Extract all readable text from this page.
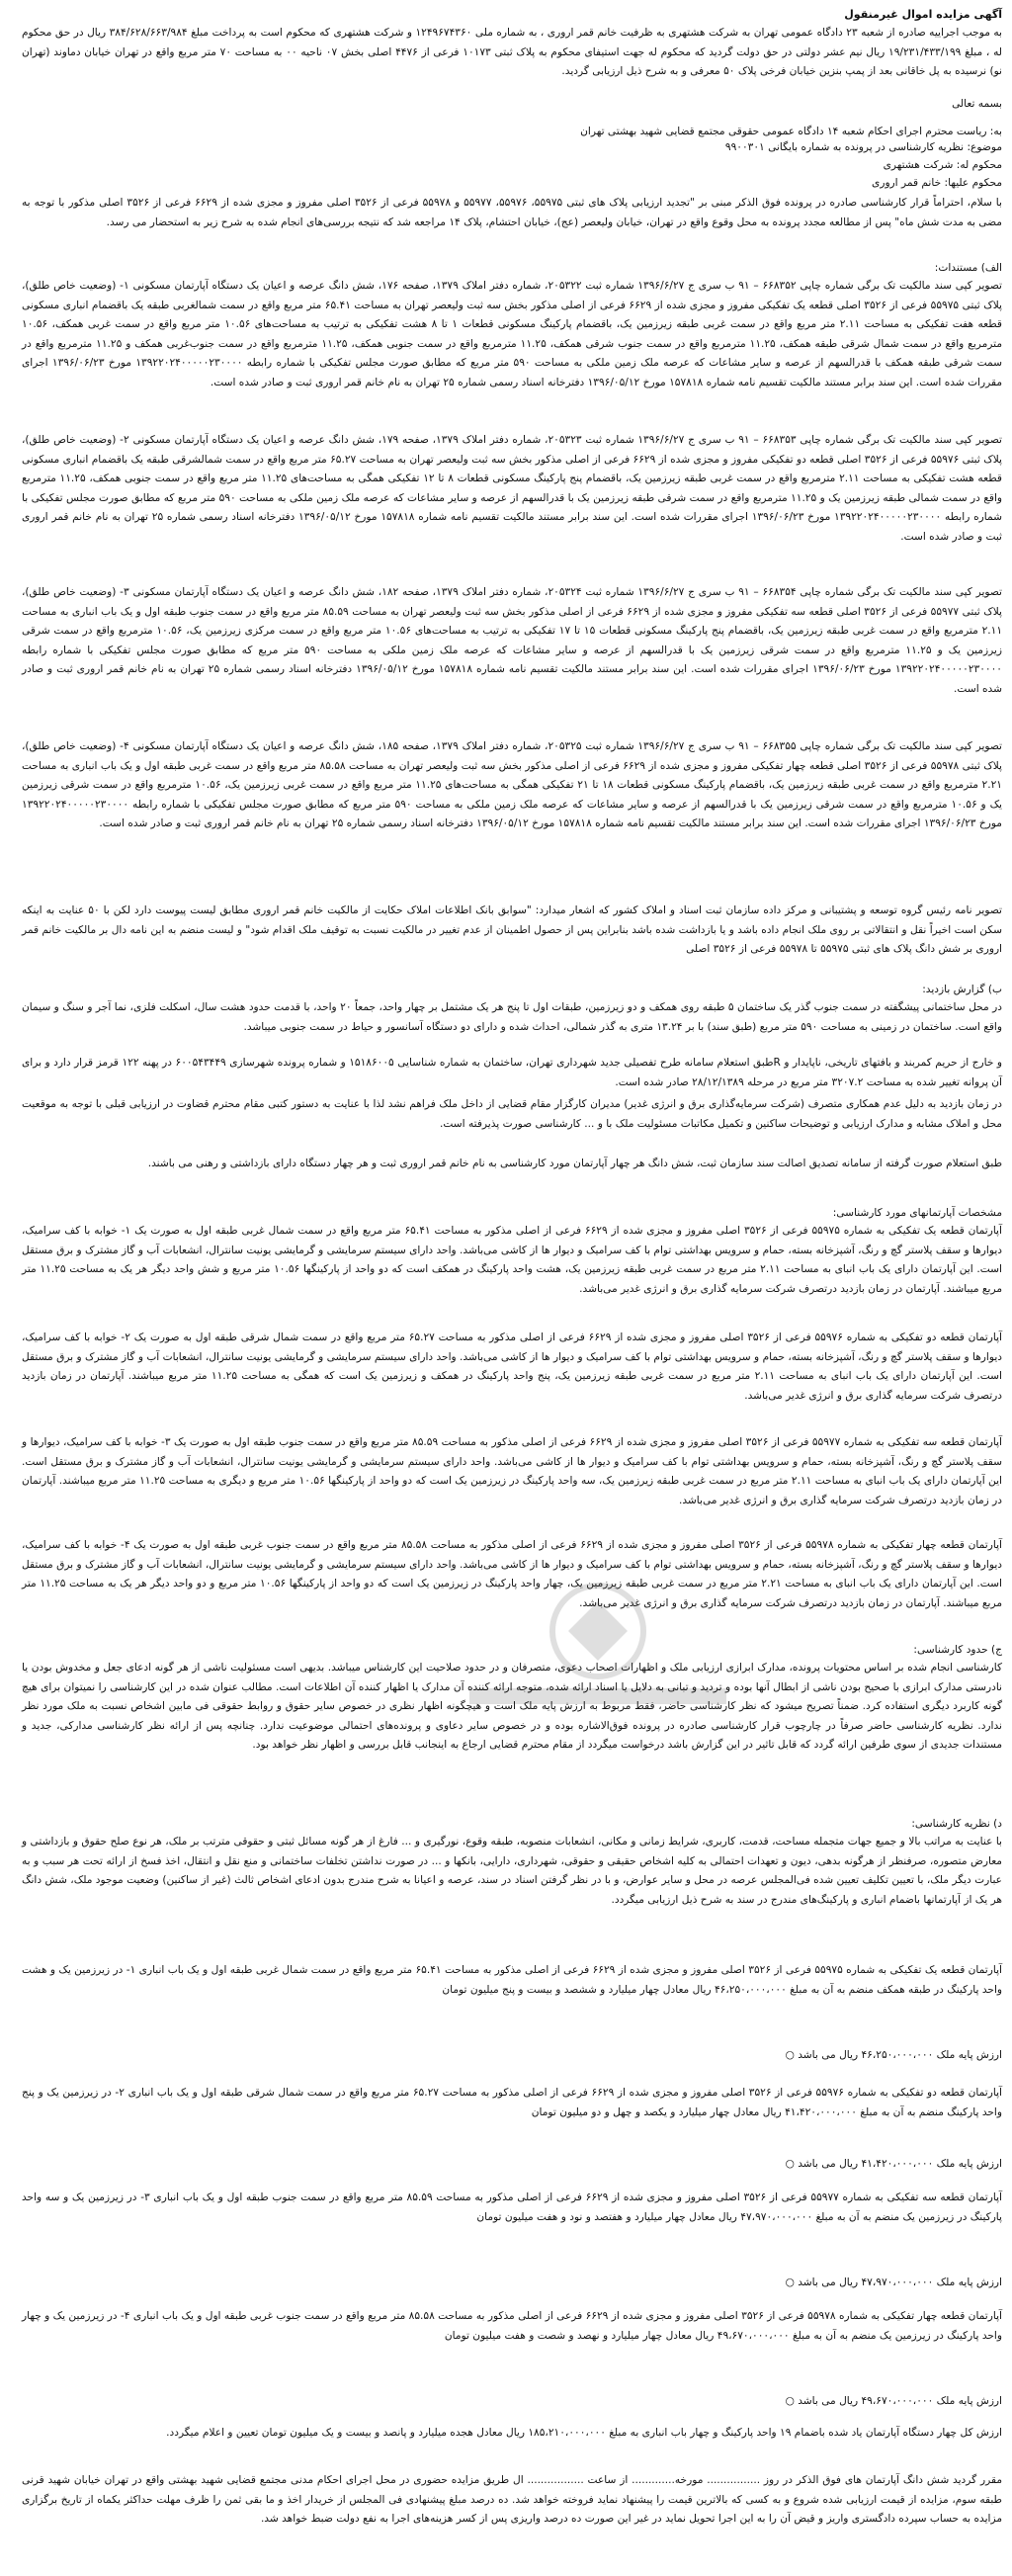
آگهی مزایده اموال غیرمنقول
به موجب اجراییه صادره از شعبه ۲۳ دادگاه عمومی تهران به شرکت هشتهری به ظرفیت خانم قمر اروری ، به شماره ملی ۱۲۴۹۶۷۴۳۶۰ و شرکت هشتهری که محکوم است به پرداخت مبلغ ۳۸۴/۶۲۸/۶۶۳/۹۸۴ ریال در حق محکوم له ، مبلغ ۱۹/۲۳۱/۴۳۳/۱۹۹ ریال نیم عشر دولتی در حق دولت گردید که محکوم له جهت استیفای محکوم به پلاک ثبتی ۱۰۱۷۳ فرعی از ۴۴۷۶ اصلی بخش ۰۷ ناحیه ۰۰ به مساحت ۷۰ متر مربع واقع در تهران خیابان دماوند (تهران نو) نرسیده به پل خاقانی بعد از پمپ بنزین خیابان فرخی پلاک ۵۰ معرفی و به شرح ذیل ارزیابی گردید.
بسمه تعالی
به: ریاست محترم اجرای احکام شعبه ۱۴ دادگاه عمومی حقوقی مجتمع قضایی شهید بهشتی تهران
موضوع: نظریه کارشناسی در پرونده به شماره بایگانی ۹۹۰۰۳۰۱
محکوم له: شرکت هشتهری
محکوم علیها: خانم قمر اروری
با سلام، احتراماً قرار کارشناسی صادره در پرونده فوق الذکر مبنی بر "تجدید ارزیابی پلاک های ثبتی ۵۵۹۷۵، ۵۵۹۷۶، ۵۵۹۷۷ و ۵۵۹۷۸ فرعی از ۳۵۲۶ اصلی مفروز و مجزی شده از ۶۶۲۹ فرعی از ۳۵۲۶ اصلی مذکور با توجه به مضی به مدت شش ماه" پس از مطالعه مجدد پرونده به محل وقوع واقع در تهران، خیابان ولیعصر (عج)، خیابان احتشام، پلاک ۱۴ مراجعه شد که نتیجه بررسی‌های انجام شده به شرح زیر به استحضار می رسد.
الف) مستندات:
تصویر کپی سند مالکیت تک برگی شماره چاپی ۶۶۸۳۵۲ – ۹۱ ب سری ج ۱۳۹۶/۶/۲۷ شماره ثبت ۲۰۵۳۲۲، شماره دفتر املاک ۱۳۷۹، صفحه ۱۷۶، شش دانگ عرصه و اعیان یک دستگاه آپارتمان مسکونی ۱- (وضعیت خاص طلق)، پلاک ثبتی ۵۵۹۷۵ فرعی از ۳۵۲۶ اصلی قطعه یک تفکیکی مفروز و مجزی شده از ۶۶۲۹ فرعی از اصلی مذکور بخش سه ثبت ولیعصر تهران به مساحت ۶۵.۴۱ متر مربع واقع در سمت شمالغربی طبقه یک باقضمام انباری مسکونی قطعه هفت تفکیکی به مساحت ۲.۱۱ متر مربع واقع در سمت غربی طبقه زیرزمین یک، باقضمام پارکینگ مسکونی قطعات ۱ تا ۸ هشت تفکیکی به ترتیب به مساحت‌های ۱۰.۵۶ متر مربع واقع در سمت غربی همکف، ۱۰.۵۶ مترمربع واقع در سمت شمال شرقی طبقه همکف، ۱۱.۲۵ مترمربع واقع در سمت جنوب شرقی همکف، ۱۱.۲۵ مترمربع واقع در سمت جنوبی همکف، ۱۱.۲۵ مترمربع واقع در سمت جنوب‌غربی همکف و ۱۱.۲۵ مترمربع واقع در سمت شرقی طبقه همکف با قدرالسهم از عرصه و سایر مشاعات که عرصه ملک زمین ملکی به مساحت ۵۹۰ متر مربع که مطابق صورت مجلس تفکیکی با شماره رابطه ۱۳۹۲۲۰۲۴۰۰۰۰۰۲۳۰۰۰۰ مورخ ۱۳۹۶/۰۶/۲۳ اجرای مقررات شده است. این سند برابر مستند مالکیت تقسیم نامه شماره ۱۵۷۸۱۸ مورخ ۱۳۹۶/۰۵/۱۲ دفترخانه اسناد رسمی شماره ۲۵ تهران به نام خانم قمر اروری ثبت و صادر شده است.
تصویر کپی سند مالکیت تک برگی شماره چاپی ۶۶۸۳۵۳ – ۹۱ ب سری ج ۱۳۹۶/۶/۲۷ شماره ثبت ۲۰۵۳۲۳، شماره دفتر املاک ۱۳۷۹، صفحه ۱۷۹، شش دانگ عرصه و اعیان یک دستگاه آپارتمان مسکونی ۲- (وضعیت خاص طلق)، پلاک ثبتی ۵۵۹۷۶ فرعی از ۳۵۲۶ اصلی قطعه دو تفکیکی مفروز و مجزی شده از ۶۶۲۹ فرعی از اصلی مذکور بخش سه ثبت ولیعصر تهران به مساحت ۶۵.۲۷ متر مربع واقع در سمت شمالشرقی طبقه یک باقضمام انباری مسکونی قطعه هشت تفکیکی به مساحت ۲.۱۱ مترمربع واقع در سمت غربی طبقه زیرزمین یک، باقضمام پنج پارکینگ مسکونی قطعات ۸ تا ۱۲ تفکیکی همگی به مساحت‌های ۱۱.۲۵ متر مربع واقع در سمت جنوبی همکف، ۱۱.۲۵ مترمربع واقع در سمت شمالی طبقه زیرزمین یک و ۱۱.۲۵ مترمربع واقع در سمت شرقی طبقه زیرزمین یک با قدرالسهم از عرصه و سایر مشاعات که عرصه ملک زمین ملکی به مساحت ۵۹۰ متر مربع که مطابق صورت مجلس تفکیکی با شماره رابطه ۱۳۹۲۲۰۲۴۰۰۰۰۰۲۳۰۰۰۰ مورخ ۱۳۹۶/۰۶/۲۳ اجرای مقررات شده است. این سند برابر مستند مالکیت تقسیم نامه شماره ۱۵۷۸۱۸ مورخ ۱۳۹۶/۰۵/۱۲ دفترخانه اسناد رسمی شماره ۲۵ تهران به نام خانم قمر اروری ثبت و صادر شده است.
تصویر کپی سند مالکیت تک برگی شماره چاپی ۶۶۸۳۵۴ – ۹۱ ب سری ج ۱۳۹۶/۶/۲۷ شماره ثبت ۲۰۵۳۲۴، شماره دفتر املاک ۱۳۷۹، صفحه ۱۸۲، شش دانگ عرصه و اعیان یک دستگاه آپارتمان مسکونی ۳- (وضعیت خاص طلق)، پلاک ثبتی ۵۵۹۷۷ فرعی از ۳۵۲۶ اصلی قطعه سه تفکیکی مفروز و مجزی شده از ۶۶۲۹ فرعی از اصلی مذکور بخش سه ثبت ولیعصر تهران به مساحت ۸۵.۵۹ متر مربع واقع در سمت جنوب طبقه اول و یک باب انباری به مساحت ۲.۱۱ مترمربع واقع در سمت غربی طبقه زیرزمین یک، باقضمام پنج پارکینگ مسکونی قطعات ۱۵ تا ۱۷ تفکیکی به ترتیب به مساحت‌های ۱۰.۵۶ متر مربع واقع در سمت مرکزی زیرزمین یک، ۱۰.۵۶ مترمربع واقع در سمت شرقی زیرزمین یک و ۱۱.۲۵ مترمربع واقع در سمت شرقی زیرزمین یک با قدرالسهم از عرصه و سایر مشاعات که عرصه ملک زمین ملکی به مساحت ۵۹۰ متر مربع که مطابق صورت مجلس تفکیکی با شماره رابطه ۱۳۹۲۲۰۲۴۰۰۰۰۰۲۳۰۰۰۰ مورخ ۱۳۹۶/۰۶/۲۳ اجرای مقررات شده است. این سند برابر مستند مالکیت تقسیم نامه شماره ۱۵۷۸۱۸ مورخ ۱۳۹۶/۰۵/۱۲ دفترخانه اسناد رسمی شماره ۲۵ تهران به نام خانم قمر اروری ثبت و صادر شده است.
تصویر کپی سند مالکیت تک برگی شماره چاپی ۶۶۸۳۵۵ – ۹۱ ب سری ج ۱۳۹۶/۶/۲۷ شماره ثبت ۲۰۵۳۲۵، شماره دفتر املاک ۱۳۷۹، صفحه ۱۸۵، شش دانگ عرصه و اعیان یک دستگاه آپارتمان مسکونی ۴- (وضعیت خاص طلق)، پلاک ثبتی ۵۵۹۷۸ فرعی از ۳۵۲۶ اصلی قطعه چهار تفکیکی مفروز و مجزی شده از ۶۶۲۹ فرعی از اصلی مذکور بخش سه ثبت ولیعصر تهران به مساحت ۸۵.۵۸ متر مربع واقع در سمت غربی طبقه اول و یک باب انباری به مساحت ۲.۲۱ مترمربع واقع در سمت غربی طبقه زیرزمین یک، باقضمام پارکینگ مسکونی قطعات ۱۸ تا ۲۱ تفکیکی همگی به مساحت‌های ۱۱.۲۵ متر مربع واقع در سمت غربی زیرزمین یک، ۱۰.۵۶ مترمربع واقع در سمت شرقی زیرزمین یک و ۱۰.۵۶ مترمربع واقع در سمت شرقی زیرزمین یک با قدرالسهم از عرصه و سایر مشاعات که عرصه ملک زمین ملکی به مساحت ۵۹۰ متر مربع که مطابق صورت مجلس تفکیکی با شماره رابطه ۱۳۹۲۲۰۲۴۰۰۰۰۰۲۳۰۰۰۰ مورخ ۱۳۹۶/۰۶/۲۳ اجرای مقررات شده است. این سند برابر مستند مالکیت تقسیم نامه شماره ۱۵۷۸۱۸ مورخ ۱۳۹۶/۰۵/۱۲ دفترخانه اسناد رسمی شماره ۲۵ تهران به نام خانم قمر اروری ثبت و صادر شده است.
تصویر نامه رئیس گروه توسعه و پشتیبانی و مرکز داده سازمان ثبت اسناد و املاک کشور که اشعار میدارد: "سوابق بانک اطلاعات املاک حکایت از مالکیت خانم قمر اروری مطابق لیست پیوست دارد لکن با ۵۰ عنایت به اینکه سکن است اخیراً نقل و انتقالاتی بر روی ملک انجام داده باشد و یا بازداشت شده باشد بنابراین پس از حصول اطمینان از عدم تغییر در مالکیت نسبت به توقیف ملک اقدام شود" و لیست منضم به این نامه دال بر مالکیت خانم قمر اروری بر شش دانگ پلاک های ثبتی ۵۵۹۷۵ تا ۵۵۹۷۸ فرعی از ۳۵۲۶ اصلی
ب) گزارش بازدید:
در محل ساختمانی پیشگفته در سمت جنوب گذر یک ساختمان ۵ طبقه روی همکف و دو زیرزمین، طبقات اول تا پنج هر یک مشتمل بر چهار واحد، جمعاً ۲۰ واحد، با قدمت حدود هشت سال، اسکلت فلزی، نما آجر و سنگ و سیمان واقع است. ساختمان در زمینی به مساحت ۵۹۰ متر مربع (طبق سند) با بر ۱۳.۲۴ متری به گذر شمالی، احداث شده و دارای دو دستگاه آسانسور و حیاط در سمت جنوبی میباشد.
و خارج از حریم کمربند و بافتهای تاریخی، ناپایدار و Rطبق استعلام سامانه طرح تفصیلی جدید شهرداری تهران، ساختمان به شماره شناسایی ۱۵۱۸۶۰۰۵ و شماره پرونده شهرسازی ۶۰۰۵۴۳۴۴۹ در پهنه ۱۲۲ قرمز قرار دارد و برای آن پروانه تغییر شده به مساحت ۳۲۰۷.۲ متر مربع در مرحله ۲۸/۱۲/۱۳۸۹ صادر شده است.
در زمان بازدید به دلیل عدم همکاری متصرف (شرکت سرمایه‌گذاری برق و انرژی غدیر) مدیران کارگزار مقام قضایی از داخل ملک فراهم نشد لذا با عنایت به دستور کتبی مقام محترم قضاوت در ارزیابی قبلی با توجه به موقعیت محل و املاک مشابه و مدارک ارزیابی و توضیحات ساکنین و تکمیل مکاتبات مسئولیت ملک با و ... کارشناسی صورت پذیرفته است.
طبق استعلام صورت گرفته از سامانه تصدیق اصالت سند سازمان ثبت، شش دانگ هر چهار آپارتمان مورد کارشناسی به نام خانم قمر اروری ثبت و هر چهار دستگاه دارای بازداشتی و رهنی می باشند.
مشخصات آپارتمانهای مورد کارشناسی:
آپارتمان قطعه یک تفکیکی به شماره ۵۵۹۷۵ فرعی از ۳۵۲۶ اصلی مفروز و مجزی شده از ۶۶۲۹ فرعی از اصلی مذکور به مساحت ۶۵.۴۱ متر مربع واقع در سمت شمال غربی طبقه اول به صورت یک ۱- خوابه با کف سرامیک، دیوارها و سقف پلاستر گچ و رنگ، آشپزخانه بسته، حمام و سرویس بهداشتی توام با کف سرامیک و دیوار ها از کاشی می‌باشد. واحد دارای سیستم سرمایشی و گرمایشی یونیت سانترال، انشعابات آب و گاز مشترک و برق مستقل است. این آپارتمان دارای یک باب انبای به مساحت ۲.۱۱ متر مربع در سمت غربی طبقه زیرزمین یک، هشت واحد پارکینگ در همکف است که دو واحد از پارکینگها ۱۰.۵۶ متر مربع و شش واحد دیگر هر یک به مساحت ۱۱.۲۵ متر مربع میباشند. آپارتمان در زمان بازدید درتصرف شرکت سرمایه گذاری برق و انرژی غدیر می‌باشد.
آپارتمان قطعه دو تفکیکی به شماره ۵۵۹۷۶ فرعی از ۳۵۲۶ اصلی مفروز و مجزی شده از ۶۶۲۹ فرعی از اصلی مذکور به مساحت ۶۵.۲۷ متر مربع واقع در سمت شمال شرقی طبقه اول به صورت یک ۲- خوابه با کف سرامیک، دیوارها و سقف پلاستر گچ و رنگ، آشپزخانه بسته، حمام و سرویس بهداشتی توام با کف سرامیک و دیوار ها از کاشی می‌باشد. واحد دارای سیستم سرمایشی و گرمایشی یونیت سانترال، انشعابات آب و گاز مشترک و برق مستقل است. این آپارتمان دارای یک باب انبای به مساحت ۲.۱۱ متر مربع در سمت غربی طبقه زیرزمین یک، پنج واحد پارکینگ در همکف و زیرزمین یک است که همگی به مساحت ۱۱.۲۵ متر مربع میباشند. آپارتمان در زمان بازدید درتصرف شرکت سرمایه گذاری برق و انرژی غدیر می‌باشد.
آپارتمان قطعه سه تفکیکی به شماره ۵۵۹۷۷ فرعی از ۳۵۲۶ اصلی مفروز و مجزی شده از ۶۶۲۹ فرعی از اصلی مذکور به مساحت ۸۵.۵۹ متر مربع واقع در سمت جنوب طبقه اول به صورت یک ۳- خوابه با کف سرامیک، دیوارها و سقف پلاستر گچ و رنگ، آشپزخانه بسته، حمام و سرویس بهداشتی توام با کف سرامیک و دیوار ها از کاشی می‌باشد. واحد دارای سیستم سرمایشی و گرمایشی یونیت سانترال، انشعابات آب و گاز مشترک و برق مستقل است. این آپارتمان دارای یک باب انبای به مساحت ۲.۱۱ متر مربع در سمت غربی طبقه زیرزمین یک، سه واحد پارکینگ در زیرزمین یک است که دو واحد از پارکینگها ۱۰.۵۶ متر مربع و دیگری به مساحت ۱۱.۲۵ متر مربع میباشند. آپارتمان در زمان بازدید درتصرف شرکت سرمایه گذاری برق و انرژی غدیر می‌باشد.
آپارتمان قطعه چهار تفکیکی به شماره ۵۵۹۷۸ فرعی از ۳۵۲۶ اصلی مفروز و مجزی شده از ۶۶۲۹ فرعی از اصلی مذکور به مساحت ۸۵.۵۸ متر مربع واقع در سمت جنوب غربی طبقه اول به صورت یک ۴- خوابه با کف سرامیک، دیوارها و سقف پلاستر گچ و رنگ، آشپزخانه بسته، حمام و سرویس بهداشتی توام با کف سرامیک و دیوار ها از کاشی می‌باشد. واحد دارای سیستم سرمایشی و گرمایشی یونیت سانترال، انشعابات آب و گاز مشترک و برق مستقل است. این آپارتمان دارای یک باب انبای به مساحت ۲.۲۱ متر مربع در سمت غربی طبقه زیرزمین یک، چهار واحد پارکینگ در زیرزمین یک است که دو واحد از پارکینگها ۱۰.۵۶ متر مربع و دو واحد دیگر هر یک به مساحت ۱۱.۲۵ متر مربع میباشند. آپارتمان در زمان بازدید درتصرف شرکت سرمایه گذاری برق و انرژی غدیر می‌باشد.
ج) حدود کارشناسی:
کارشناسی انجام شده بر اساس محتویات پرونده، مدارک ابرازی ارزیابی ملک و اظهارات اصحاب دعوی، متصرفان و در حدود صلاحیت این کارشناس میباشد. بدیهی است مسئولیت ناشی از هر گونه ادعای جعل و مخدوش بودن یا نادرستی مدارک ابرازی با صحیح بودن ناشی از ابطال آنها بوده و تردید و تبانی به دلایل یا اسناد ارائه شده، متوجه ارائه کننده آن مدارک یا اظهار کننده آن اطلاعات است. مطالب عنوان شده در این کارشناسی را نمیتوان برای هیچ گونه کاربرد دیگری استفاده کرد. ضمناً تصریح میشود که نظر کارشناسی حاضر، فقط مربوط به ارزش پایه ملک است و هیچگونه اظهار نظری در خصوص سایر حقوق و روابط حقوقی فی مابین اشخاص نسبت به ملک مورد نظر ندارد. نظریه کارشناسی حاضر صرفاً در چارچوب قرار کارشناسی صادره در پرونده فوق‌الاشاره بوده و در خصوص سایر دعاوی و پرونده‌های احتمالی موضوعیت ندارد. چنانچه پس از ارائه نظر کارشناسی مدارکی، جدید و مستندات جدیدی از سوی طرفین ارائه گردد که قابل تاثیر در این گزارش باشد درخواست میگردد از مقام محترم قضایی ارجاع به اینجانب قابل بررسی و اظهار نظر خواهد بود.
د) نظریه کارشناسی:
با عنایت به مراتب بالا و جمیع جهات متجمله مساحت، قدمت، کاربری، شرایط زمانی و مکانی، انشعابات منصوبه، طبقه وقوع، نورگیری و ... فارغ از هر گونه مسائل ثبتی و حقوقی مترتب بر ملک، هر نوع صلح حقوق و بازداشتی و معارض متصوره، صرفنظر از هرگونه بدهی، دیون و تعهدات احتمالی به کلیه اشخاص حقیقی و حقوقی، شهرداری، دارایی، بانکها و ... در صورت نداشتن تخلفات ساختمانی و منع نقل و انتقال، اخذ فسخ از ارائه تحت هر سبب و به عبارت دیگر ملک، با تعیین تکلیف تعیین شده فی‌المجلس عرصه در محل و سایر عوارض، و با در نظر گرفتن اسناد در سند، عرصه و اعیانا به شرح مندرج بدون ادعای اشخاص ثالث (غیر از ساکنین) وضعیت موجود ملک، شش دانگ هر یک از آپارتمانها باضمام انباری و پارکینگ‌های مندرج در سند به شرح ذیل ارزیابی میگردد.
آپارتمان قطعه یک تفکیکی به شماره ۵۵۹۷۵ فرعی از ۳۵۲۶ اصلی مفروز و مجزی شده از ۶۶۲۹ فرعی از اصلی مذکور به مساحت ۶۵.۴۱ متر مربع واقع در سمت شمال غربی طبقه اول و یک باب انباری ۱- در زیرزمین یک و هشت واحد پارکینگ در طبقه همکف منضم به آن به مبلغ ۴۶،۲۵۰،۰۰۰،۰۰۰ ریال معادل چهار میلیارد و ششصد و بیست و پنج میلیون تومان
ارزش پایه ملک ۴۶،۲۵۰،۰۰۰،۰۰۰ ریال می باشد ○
آپارتمان قطعه دو تفکیکی به شماره ۵۵۹۷۶ فرعی از ۳۵۲۶ اصلی مفروز و مجزی شده از ۶۶۲۹ فرعی از اصلی مذکور به مساحت ۶۵.۲۷ متر مربع واقع در سمت شمال شرقی طبقه اول و یک باب انباری ۲- در زیرزمین یک و پنج واحد پارکینگ منضم به آن به مبلغ ۴۱،۴۲۰،۰۰۰،۰۰۰ ریال معادل چهار میلیارد و یکصد و چهل و دو میلیون تومان
ارزش پایه ملک ۴۱،۴۲۰،۰۰۰،۰۰۰ ریال می باشد ○
آپارتمان قطعه سه تفکیکی به شماره ۵۵۹۷۷ فرعی از ۳۵۲۶ اصلی مفروز و مجزی شده از ۶۶۲۹ فرعی از اصلی مذکور به مساحت ۸۵.۵۹ متر مربع واقع در سمت جنوب طبقه اول و یک باب انباری ۳- در زیرزمین یک و سه واحد پارکینگ در زیرزمین یک منضم به آن به مبلغ ۴۷،۹۷۰،۰۰۰،۰۰۰ ریال معادل چهار میلیارد و هفتصد و نود و هفت میلیون تومان
ارزش پایه ملک ۴۷،۹۷۰،۰۰۰،۰۰۰ ریال می باشد ○
آپارتمان قطعه چهار تفکیکی به شماره ۵۵۹۷۸ فرعی از ۳۵۲۶ اصلی مفروز و مجزی شده از ۶۶۲۹ فرعی از اصلی مذکور به مساحت ۸۵.۵۸ متر مربع واقع در سمت جنوب غربی طبقه اول و یک باب انباری ۴- در زیرزمین یک و چهار واحد پارکینگ در زیرزمین یک منضم به آن به مبلغ ۴۹،۶۷۰،۰۰۰،۰۰۰ ریال معادل چهار میلیارد و نهصد و شصت و هفت میلیون تومان
ارزش پایه ملک ۴۹،۶۷۰،۰۰۰،۰۰۰ ریال می باشد ○
ارزش کل چهار دستگاه آپارتمان یاد شده باضمام ۱۹ واحد پارکینگ و چهار باب انباری به مبلغ ۱۸۵،۲۱۰،۰۰۰،۰۰۰ ریال معادل هجده میلیارد و پانصد و بیست و یک میلیون تومان تعیین و اعلام میگردد.
مقرر گردید شش دانگ آپارتمان های فوق الذکر در روز ................ مورخه............. از ساعت ................. ال طریق مزایده حضوری در محل اجرای احکام مدنی مجتمع قضایی شهید بهشتی واقع در تهران خیابان شهید قرنی طبقه سوم، مزایده از قیمت ارزیابی شده شروع و به کسی که بالاترین قیمت را پیشنهاد نماید فروخته خواهد شد. ده درصد مبلغ پیشنهادی فی المجلس از خریدار اخذ و ما بقی ثمن را ظرف مهلت حداکثر یکماه از تاریخ برگزاری مزایده به حساب سپرده دادگستری واریز و قیض آن را به این اجرا تحویل نماید در غیر این صورت ده درصد واریزی پس از کسر هزینه‌های اجرا به نفع دولت ضبط خواهد شد.
